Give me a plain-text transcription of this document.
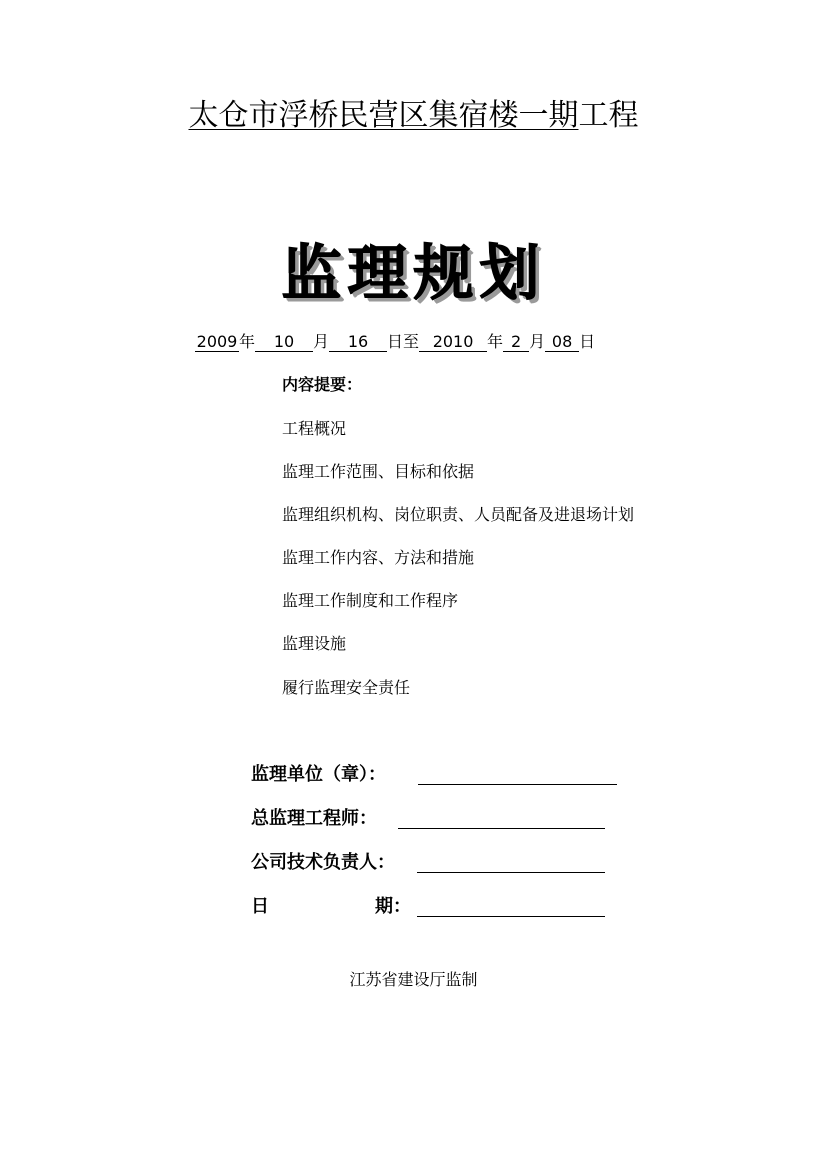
太仓市浮桥民营区集宿楼一期工程
监理规划
2009 年 10 月 16 日至 2010 年 2 月 08 日
内容提要：
工程概况
监理工作范围、目标和依据
监理组织机构、岗位职责、人员配备及进退场计划
监理工作内容、方法和措施
监理工作制度和工作程序
监理设施
履行监理安全责任
监理单位（章）：
总监理工程师：
公司技术负责人：
日	期：
江苏省建设厅监制
